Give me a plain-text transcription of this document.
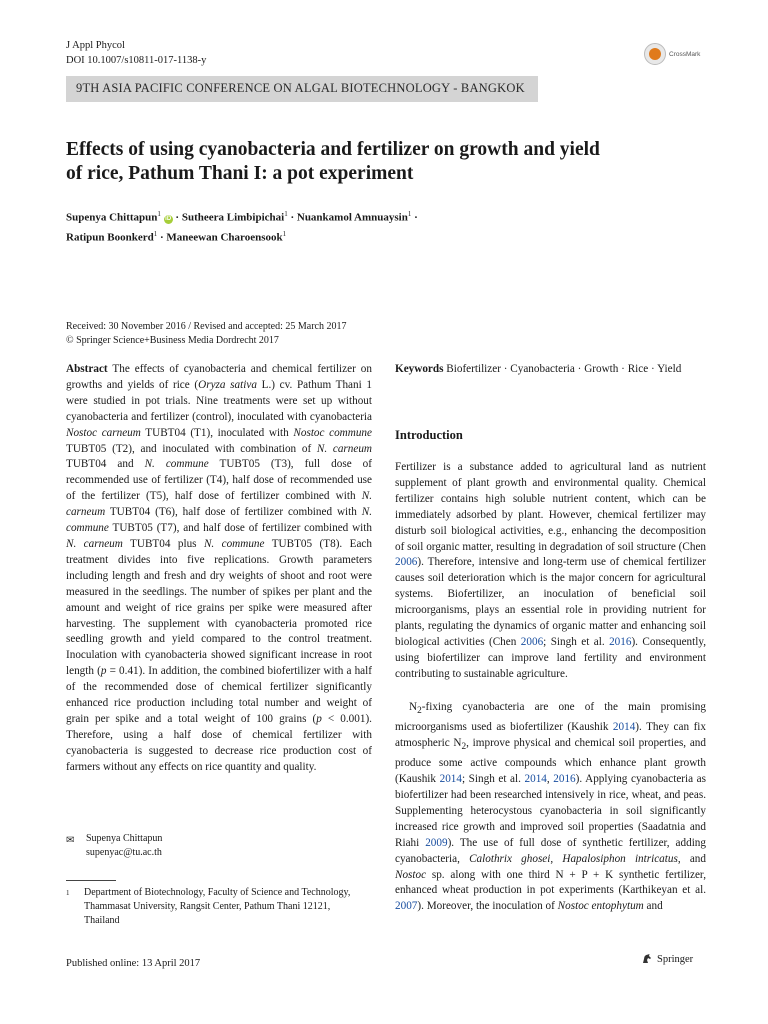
J Appl Phycol
DOI 10.1007/s10811-017-1138-y
CrossMark
9TH ASIA PACIFIC CONFERENCE ON ALGAL BIOTECHNOLOGY - BANGKOK
Effects of using cyanobacteria and fertilizer on growth and yield
of rice, Pathum Thani I: a pot experiment
Supenya Chittapun$^1$ iD · Sutheera Limbipichai$^1$ · Nuankamol Amnuaysin$^1$ ·
Ratipun Boonkerd$^1$ · Maneewan Charoensook$^1$
Received: 30 November 2016 / Revised and accepted: 25 March 2017
© Springer Science+Business Media Dordrecht 2017
Abstract The effects of cyanobacteria and chemical fertilizer on growths and yields of rice (Oryza sativa L.) cv. Pathum Thani 1 were studied in pot trials. Nine treatments were set up without cyanobacteria and fertilizer (control), inoculated with cyanobacteria Nostoc carneum TUBT04 (T1), inoculated with Nostoc commune TUBT05 (T2), and inoculated with combination of N. carneum TUBT04 and N. commune TUBT05 (T3), full dose of recommended use of fertilizer (T4), half dose of recommended use of the fertilizer (T5), half dose of fertilizer combined with N. carneum TUBT04 (T6), half dose of fertilizer combined with N. commune TUBT05 (T7), and half dose of fertilizer combined with N. carneum TUBT04 plus N. commune TUBT05 (T8). Each treatment divides into five replications. Growth parameters including length and fresh and dry weights of shoot and root were measured in the seedlings. The number of spikes per plant and the amount and weight of rice grains per spike were measured after harvesting. The supplement with cyanobacteria promoted rice seedling growth and yield compared to the control treatment. Inoculation with cyanobacteria showed significant increase in root length (p = 0.41). In addition, the combined biofertilizer with a half of the recommended dose of chemical fertilizer significantly enhanced rice production including total number and weight of grain per spike and a total weight of 100 grains (p < 0.001). Therefore, using a half dose of chemical fertilizer with cyanobacteria is suggested to decrease rice production cost of farmers without any effects on rice quantity and quality.
Keywords Biofertilizer · Cyanobacteria · Growth · Rice · Yield
Introduction
Fertilizer is a substance added to agricultural land as nutrient supplement of plant growth and environmental quality. Chemical fertilizer contains high soluble nutrient content, which can be immediately adsorbed by plant. However, chemical fertilizer may disturb soil biological activities, e.g., enhancing the decomposition of soil organic matter, resulting in degradation of soil structure (Chen 2006). Therefore, intensive and long-term use of chemical fertilizer causes soil deterioration which is the major concern for agricultural systems. Biofertilizer, an inoculation of beneficial soil microorganisms, plays an essential role in providing nutrient for plants, regulating the dynamics of organic matter and enhancing soil biological activities (Chen 2006; Singh et al. 2016). Consequently, using biofertilizer can improve land fertility and environment contributing to sustainable agriculture.
$N_2$-fixing cyanobacteria are one of the main promising microorganisms used as biofertilizer (Kaushik 2014). They can fix atmospheric $N_2$, improve physical and chemical soil properties, and produce some active compounds which enhance plant growth (Kaushik 2014; Singh et al. 2014, 2016). Applying cyanobacteria as biofertilizer had been researched intensively in rice, wheat, and peas. Supplementing heterocystous cyanobacteria in soil significantly increased rice growth and improved soil properties (Saadatnia and Riahi 2009). The use of full dose of synthetic fertilizer, adding cyanobacteria, Calothrix ghosei, Hapalosiphon intricatus, and Nostoc sp. along with one third N + P + K synthetic fertilizer, enhanced wheat production in pot experiments (Karthikeyan et al. 2007). Moreover, the inoculation of Nostoc entophytum and
✉ Supenya Chittapun
supenyac@tu.ac.th
1 Department of Biotechnology, Faculty of Science and Technology,
Thammasat University, Rangsit Center, Pathum Thani 12121,
Thailand
Published online: 13 April 2017	Springer
